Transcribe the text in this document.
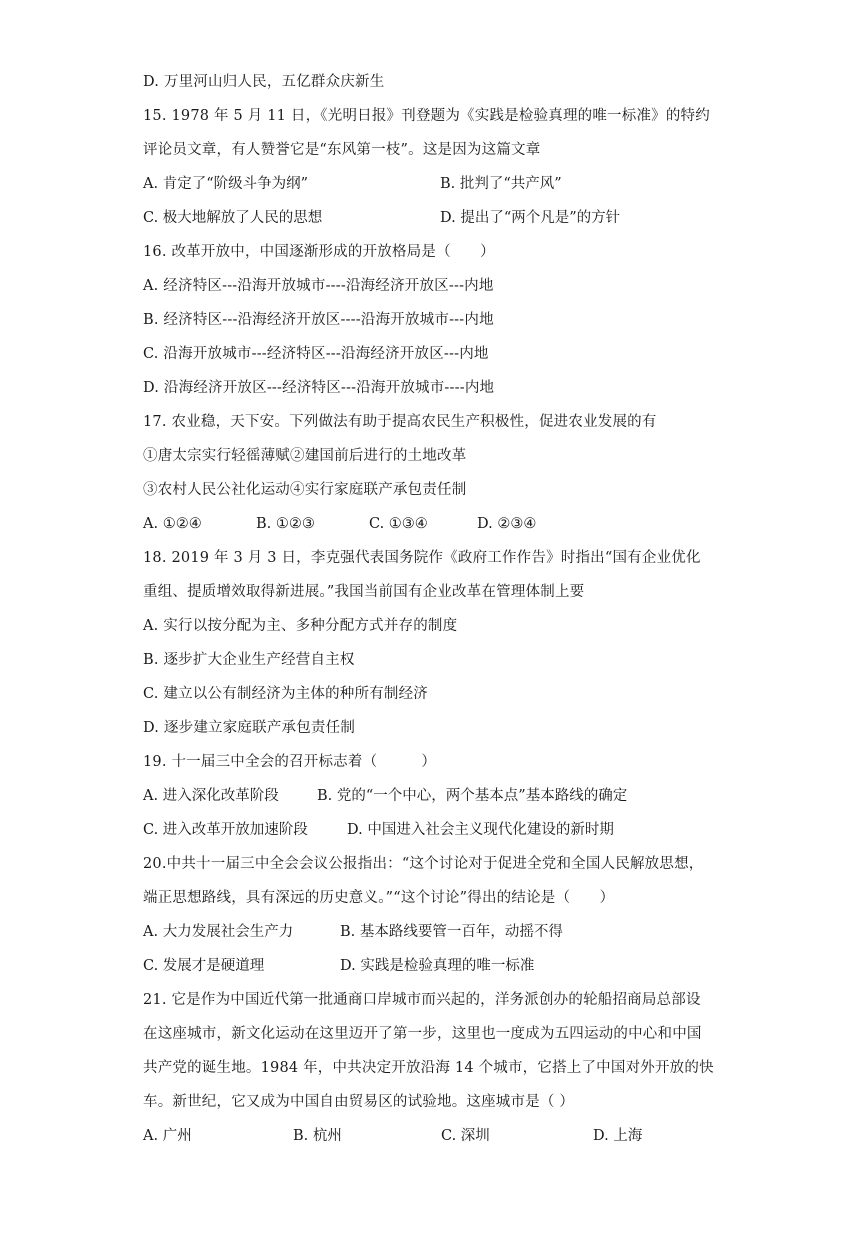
D. 万里河山归人民，五亿群众庆新生
15. 1978 年 5 月 11 日，《光明日报》刊登题为《实践是检验真理的唯一标准》的特约
评论员文章，有人赞誉它是“东风第一枝”。这是因为这篇文章

A. 肯定了“阶级斗争为纲”

	B. 批判了“共产风”

C. 极大地解放了人民的思想

	D. 提出了“两个凡是”的方针

16. 改革开放中，中国逐渐形成的开放格局是（　　）
A. 经济特区---沿海开放城市----沿海经济开放区---内地
B. 经济特区---沿海经济开放区----沿海开放城市---内地
C. 沿海开放城市---经济特区---沿海经济开放区---内地
D. 沿海经济开放区---经济特区---沿海开放城市----内地
17. 农业稳，天下安。下列做法有助于提高农民生产积极性，促进农业发展的有
①唐太宗实行轻徭薄赋②建国前后进行的土地改革
③农村人民公社化运动④实行家庭联产承包责任制

A. ①②④

	B. ①②③

	C. ①③④

	D. ②③④

18. 2019 年 3 月 3 日，李克强代表国务院作《政府工作作告》时指出“国有企业优化
重组、提质增效取得新进展。”我国当前国有企业改革在管理体制上要
A. 实行以按分配为主、多种分配方式并存的制度
B. 逐步扩大企业生产经营自主权
C. 建立以公有制经济为主体的种所有制经济
D. 逐步建立家庭联产承包责任制
19. 十一届三中全会的召开标志着（　　　）

A. 进入深化改革阶段

	B. 党的“一个中心，两个基本点”基本路线的确定

C. 进入改革开放加速阶段

	D. 中国进入社会主义现代化建设的新时期

20.中共十一届三中全会会议公报指出：“这个讨论对于促进全党和全国人民解放思想，
端正思想路线，具有深远的历史意义。”“这个讨论”得出的结论是（　　）

A. 大力发展社会生产力

	B. 基本路线要管一百年，动摇不得

C. 发展才是硬道理

	D. 实践是检验真理的唯一标准

21. 它是作为中国近代第一批通商口岸城市而兴起的，洋务派创办的轮船招商局总部设
在这座城市，新文化运动在这里迈开了第一步，这里也一度成为五四运动的中心和中国
共产党的诞生地。1984 年，中共决定开放沿海 14 个城市，它搭上了中国对外开放的快
车。新世纪，它又成为中国自由贸易区的试验地。这座城市是（ ）

A. 广州

	B. 杭州

	C. 深圳

	D. 上海
